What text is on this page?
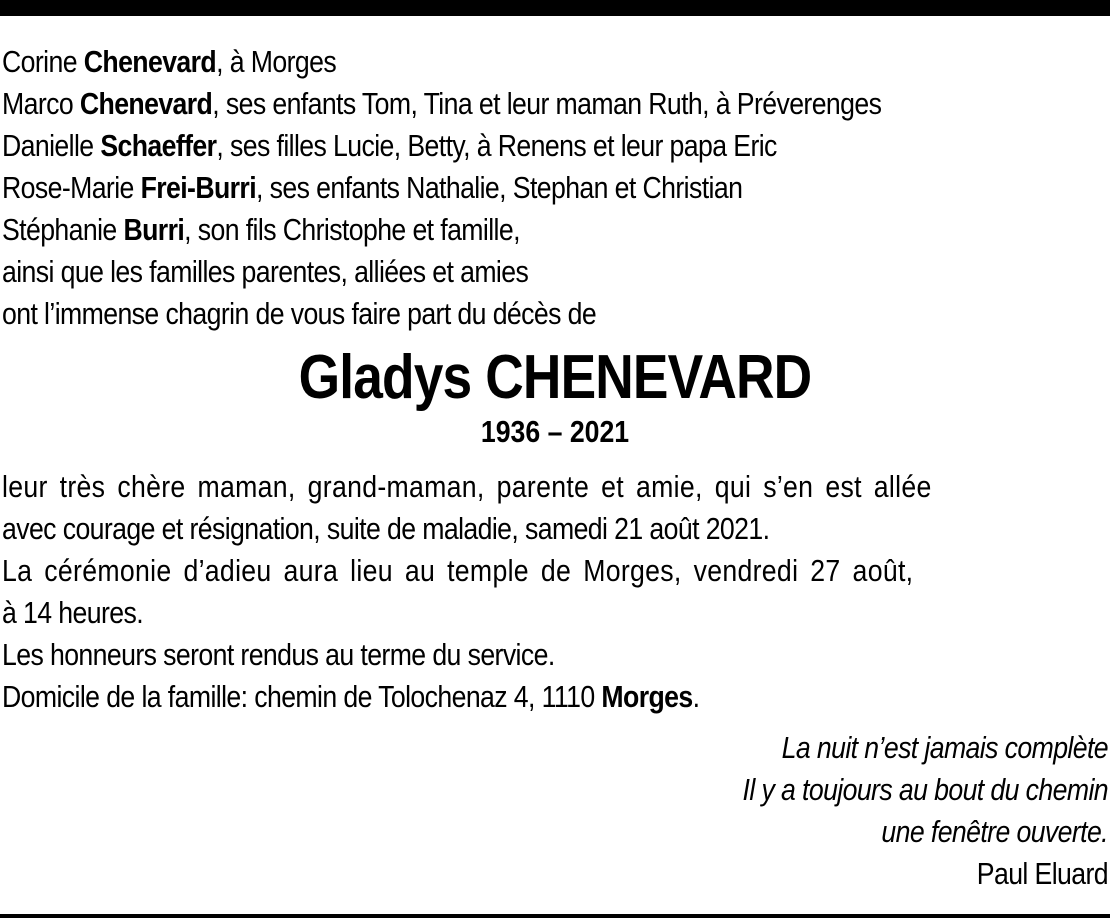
Corine Chenevard, à Morges
Marco Chenevard, ses enfants Tom, Tina et leur maman Ruth, à Préverenges
Danielle Schaeffer, ses filles Lucie, Betty, à Renens et leur papa Eric
Rose-Marie Frei-Burri, ses enfants Nathalie, Stephan et Christian
Stéphanie Burri, son fils Christophe et famille,
ainsi que les familles parentes, alliées et amies
ont l’immense chagrin de vous faire part du décès de
Gladys CHENEVARD
1936 – 2021
leur très chère maman, grand-maman, parente et amie, qui s’en est allée
avec courage et résignation, suite de maladie, samedi 21 août 2021.
La cérémonie d’adieu aura lieu au temple de Morges, vendredi 27 août,
à 14 heures.
Les honneurs seront rendus au terme du service.
Domicile de la famille: chemin de Tolochenaz 4, 1110 Morges.
La nuit n’est jamais complète
Il y a toujours au bout du chemin
une fenêtre ouverte.
Paul Eluard
